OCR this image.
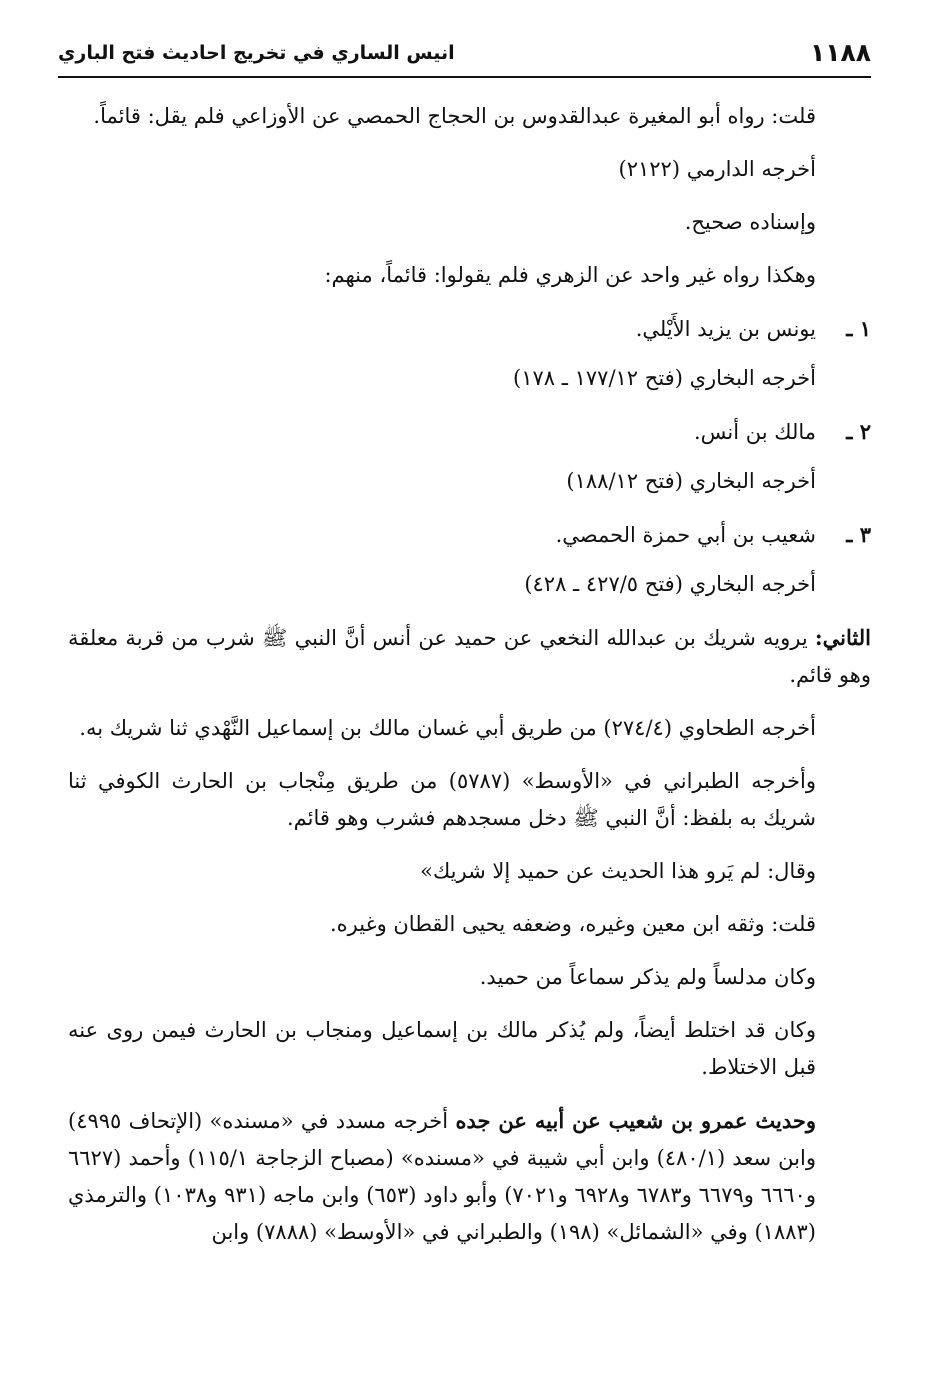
١١٨٨
انيس الساري في تخريج احاديث فتح الباري

قلت: رواه أبو المغيرة عبدالقدوس بن الحجاج الحمصي عن الأوزاعي فلم يقل: قائماً.

أخرجه الدارمي (٢١٢٢)

وإسناده صحيح.

وهكذا رواه غير واحد عن الزهري فلم يقولوا: قائماً، منهم:

١ ـيونس بن يزيد الأَيْلي.

أخرجه البخاري (فتح ١٧٧/١٢ ـ ١٧٨)

٢ ـمالك بن أنس.

أخرجه البخاري (فتح ١٨٨/١٢)

٣ ـشعيب بن أبي حمزة الحمصي.

أخرجه البخاري (فتح ٤٢٧/٥ ـ ٤٢٨)

الثاني: يرويه شريك بن عبدالله النخعي عن حميد عن أنس أنَّ النبي ﷺ شرب من قربة معلقة وهو قائم.

أخرجه الطحاوي (٢٧٤/٤) من طريق أبي غسان مالك بن إسماعيل النَّهْدي ثنا شريك به.

وأخرجه الطبراني في «الأوسط» (٥٧٨٧) من طريق مِنْجاب بن الحارث الكوفي ثنا شريك به بلفظ: أنَّ النبي ﷺ دخل مسجدهم فشرب وهو قائم.

وقال: لم يَرو هذا الحديث عن حميد إلا شريك»

قلت: وثقه ابن معين وغيره، وضعفه يحيى القطان وغيره.

وكان مدلساً ولم يذكر سماعاً من حميد.

وكان قد اختلط أيضاً، ولم يُذكر مالك بن إسماعيل ومنجاب بن الحارث فيمن روى عنه قبل الاختلاط.

وحديث عمرو بن شعيب عن أبيه عن جده أخرجه مسدد في «مسنده» (الإتحاف ٤٩٩٥) وابن سعد (٤٨٠/١) وابن أبي شيبة في «مسنده» (مصباح الزجاجة ١١٥/١) وأحمد (٦٦٢٧ و٦٦٦٠ و٦٦٧٩ و٦٧٨٣ و٦٩٢٨ و٧٠٢١) وأبو داود (٦٥٣) وابن ماجه (٩٣١ و١٠٣٨) والترمذي (١٨٨٣) وفي «الشمائل» (١٩٨) والطبراني في «الأوسط» (٧٨٨٨) وابن
